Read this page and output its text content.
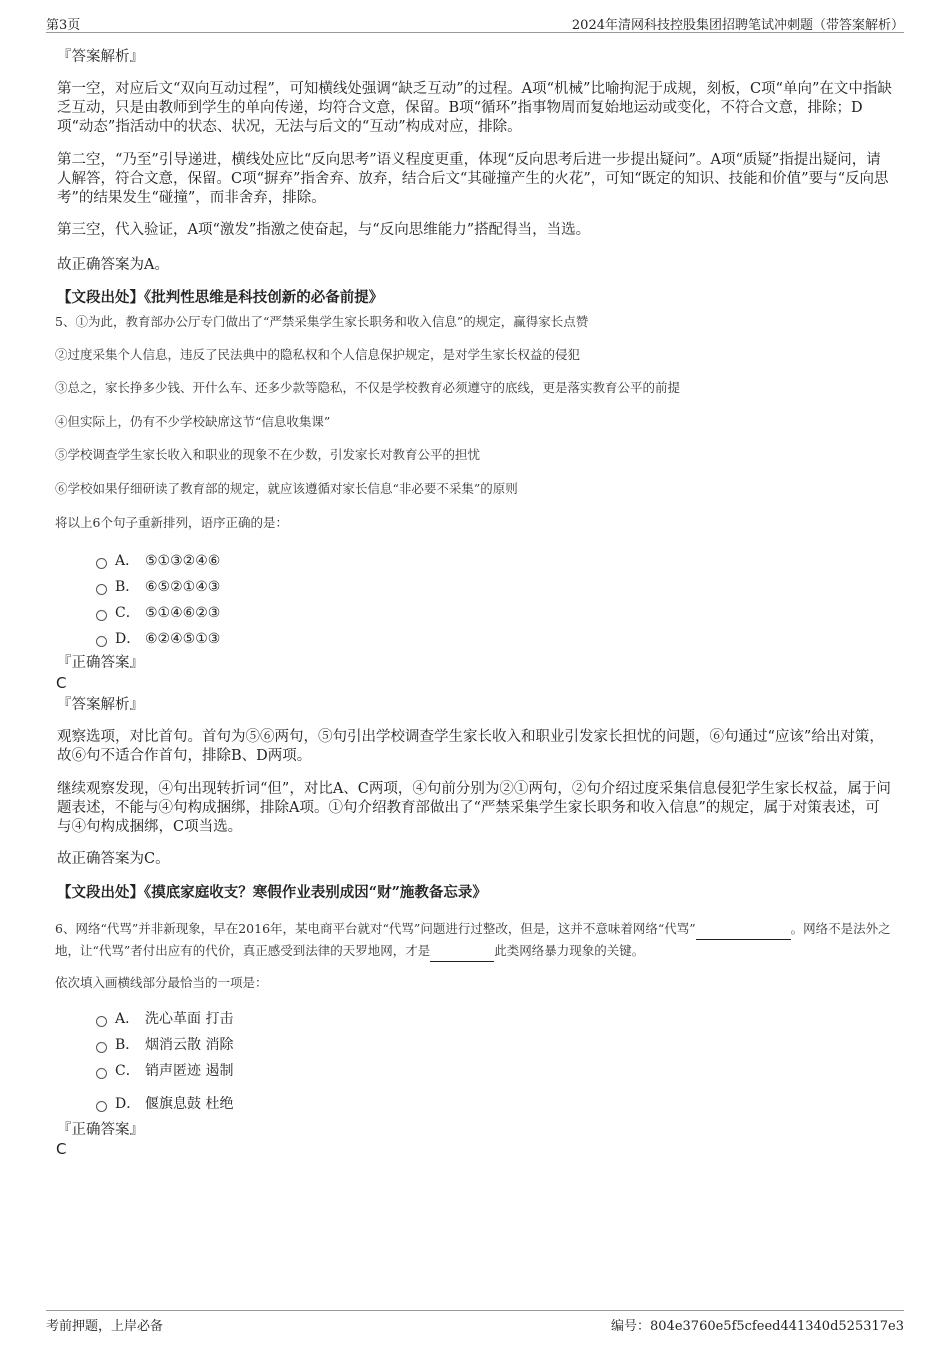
第3页	2024年清网科技控股集团招聘笔试冲刺题（带答案解析）
『答案解析』
第一空，对应后文“双向互动过程”，可知横线处强调“缺乏互动”的过程。A项“机械”比喻拘泥于成规，刻板，C项“单向”在文中指缺乏互动，只是由教师到学生的单向传递，均符合文意，保留。B项“循环”指事物周而复始地运动或变化，不符合文意，排除；D项“动态”指活动中的状态、状况，无法与后文的“互动”构成对应，排除。
第二空，“乃至”引导递进，横线处应比“反向思考”语义程度更重，体现“反向思考后进一步提出疑问”。A项“质疑”指提出疑问，请人解答，符合文意，保留。C项“摒弃”指舍弃、放弃，结合后文“其碰撞产生的火花”，可知“既定的知识、技能和价值”要与“反向思考”的结果发生“碰撞”，而非舍弃，排除。
第三空，代入验证，A项“激发”指激之使奋起，与“反向思维能力”搭配得当，当选。
故正确答案为A。
【文段出处】《批判性思维是科技创新的必备前提》
5、①为此，教育部办公厅专门做出了“严禁采集学生家长职务和收入信息”的规定，赢得家长点赞
②过度采集个人信息，违反了民法典中的隐私权和个人信息保护规定，是对学生家长权益的侵犯
③总之，家长挣多少钱、开什么车、还多少款等隐私，不仅是学校教育必须遵守的底线，更是落实教育公平的前提
④但实际上，仍有不少学校缺席这节“信息收集课”
⑤学校调查学生家长收入和职业的现象不在少数，引发家长对教育公平的担忧
⑥学校如果仔细研读了教育部的规定，就应该遵循对家长信息“非必要不采集”的原则
将以上6个句子重新排列，语序正确的是：
A． ⑤①③②④⑥
B． ⑥⑤②①④③
C． ⑤①④⑥②③
D． ⑥②④⑤①③
『正确答案』
C
『答案解析』
观察选项，对比首句。首句为⑤⑥两句，⑤句引出学校调查学生家长收入和职业引发家长担忧的问题，⑥句通过“应该”给出对策，故⑥句不适合作首句，排除B、D两项。
继续观察发现，④句出现转折词“但”，对比A、C两项，④句前分别为②①两句，②句介绍过度采集信息侵犯学生家长权益，属于问题表述，不能与④句构成捆绑，排除A项。①句介绍教育部做出了“严禁采集学生家长职务和收入信息”的规定，属于对策表述，可与④句构成捆绑，C项当选。
故正确答案为C。
【文段出处】《摸底家庭收支？寒假作业表别成因“财”施教备忘录》
6、网络“代骂”并非新现象，早在2016年，某电商平台就对“代骂”问题进行过整改，但是，这并不意味着网络“代骂”	。网络不是法外之地，让“代骂”者付出应有的代价，真正感受到法律的天罗地网，才是	此类网络暴力现象的关键。
依次填入画横线部分最恰当的一项是：
A． 洗心革面 打击
B． 烟消云散 消除
C． 销声匿迹 遏制
D． 偃旗息鼓 杜绝
『正确答案』
C
考前押题，上岸必备	编号：804e3760e5f5cfeed441340d525317e3
